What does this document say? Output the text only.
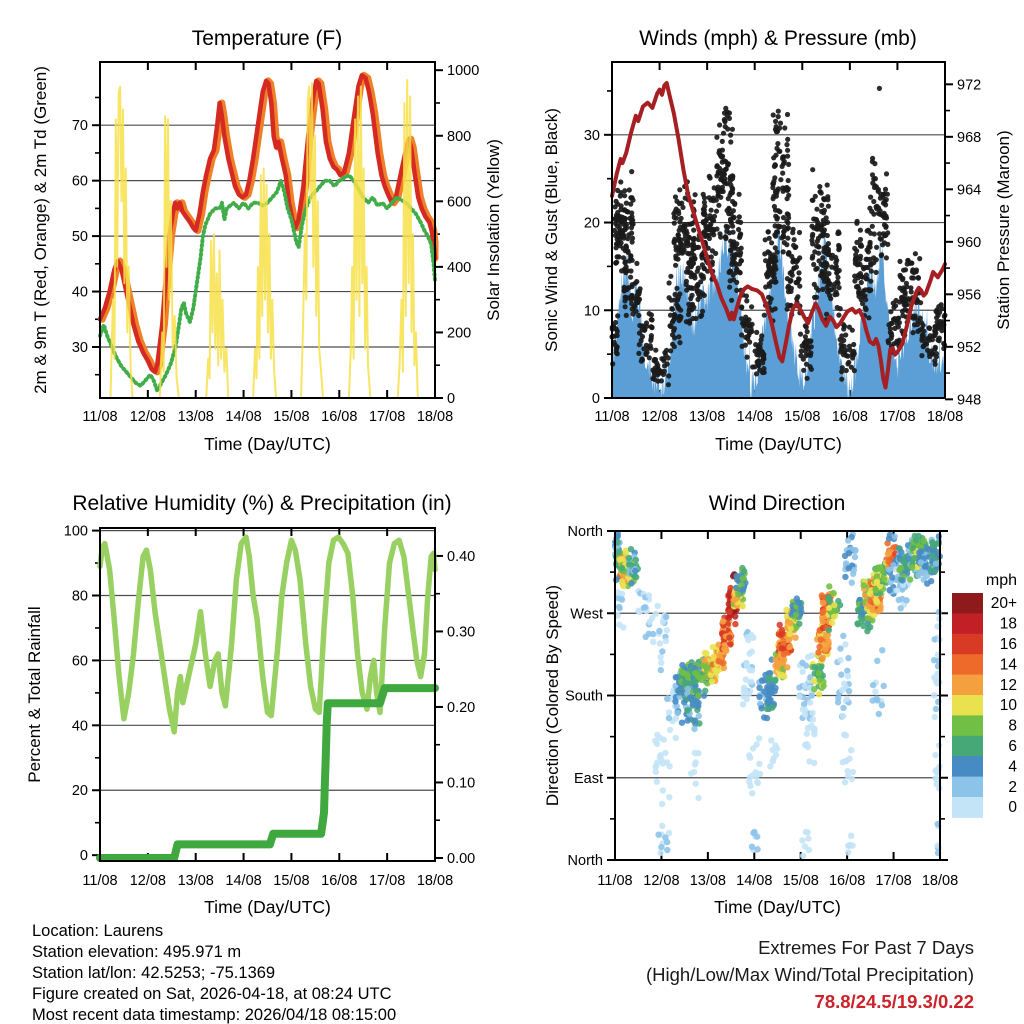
11/08 12/08 13/08 14/08 15/08 16/08 17/08 18/08
30
40
50
60
70
0
200
400
600
800
1000
Temperature (F)
Time (Day/UTC)
2m & 9m T (Red, Orange) & 2m Td (Green)	Solar Insolation (Yellow)
11/08 12/08 13/08 14/08 15/08 16/08 17/08 18/08
0
10
20
30
948
952
956
960
964
968
972
Winds (mph) & Pressure (mb)
Time (Day/UTC)
Sonic Wind & Gust (Blue, Black)	Station Pressure (Maroon)
11/08 12/08 13/08 14/08 15/08 16/08 17/08 18/08
0
20
40
60
80
100
0.00
0.10
0.20
0.30
0.40
Relative Humidity (%) & Precipitation (in)
Time (Day/UTC)
Percent & Total Rainfall
11/08 12/08 13/08 14/08 15/08 16/08 17/08 18/08
North
West
South
East
North
Wind Direction
Time (Day/UTC)
Direction (Colored By Speed)
mph
20+
18
16
14
12
10
8
6
4
2
0
Location: Laurens
Station elevation: 495.971 m
Station lat/lon: 42.5253; -75.1369
Figure created on Sat, 2026-04-18, at 08:24 UTC
Most recent data timestamp: 2026/04/18 08:15:00
Extremes For Past 7 Days
(High/Low/Max Wind/Total Precipitation)
78.8/24.5/19.3/0.22
